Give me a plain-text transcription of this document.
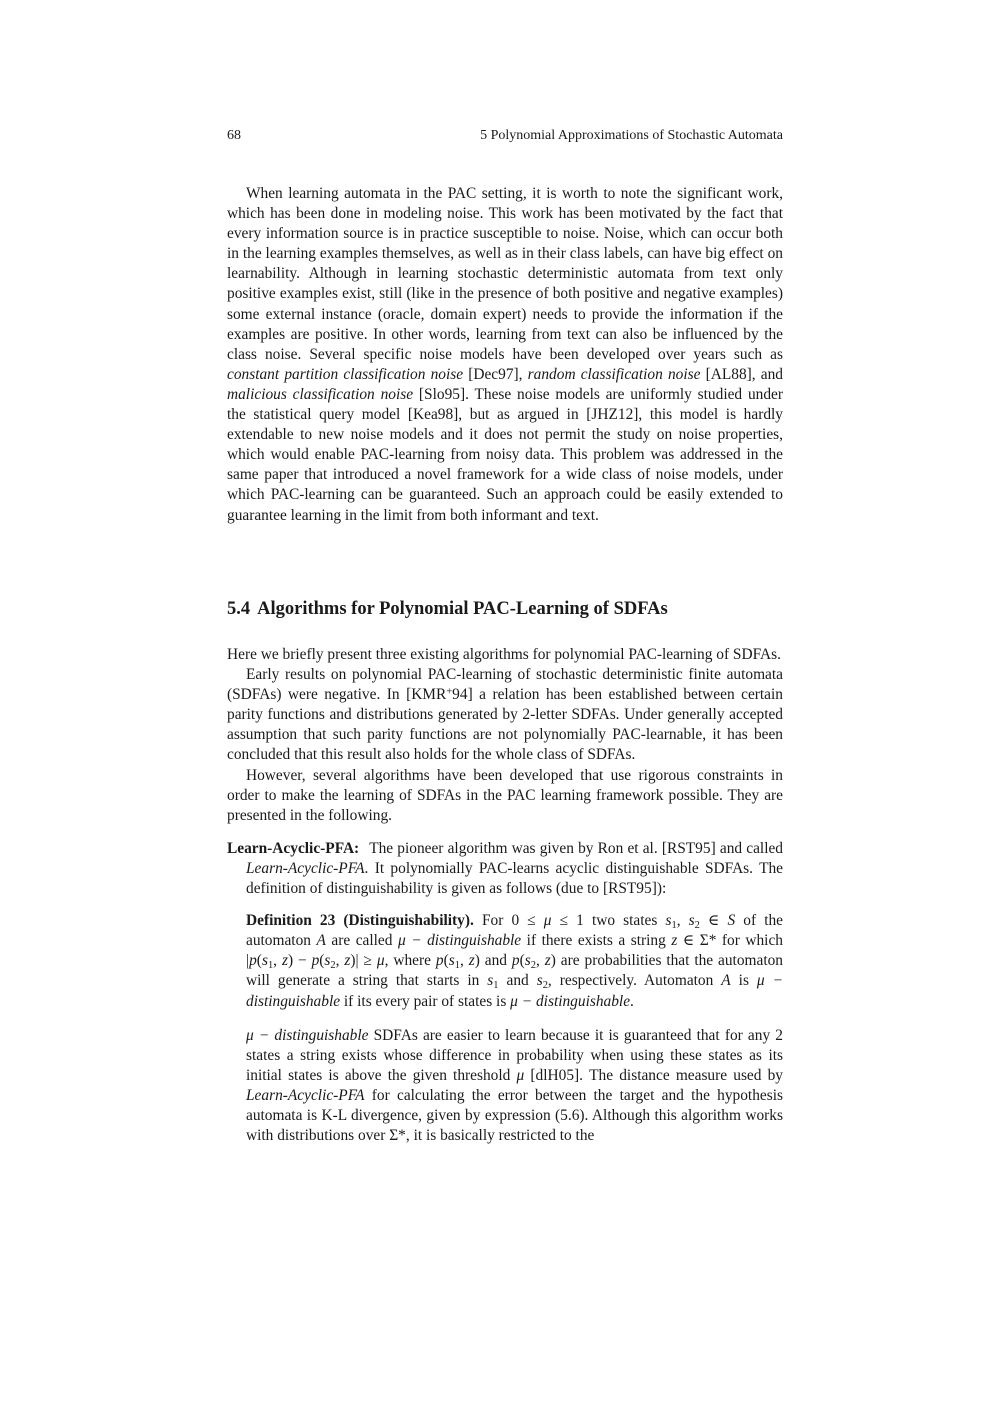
68	5 Polynomial Approximations of Stochastic Automata

When learning automata in the PAC setting, it is worth to note the significant work, which has been done in modeling noise. This work has been motivated by the fact that every information source is in practice susceptible to noise. Noise, which can occur both in the learning examples themselves, as well as in their class labels, can have big effect on learnability. Although in learning stochastic deterministic automata from text only positive examples exist, still (like in the presence of both positive and negative examples) some external instance (oracle, domain expert) needs to provide the information if the examples are positive. In other words, learning from text can also be influenced by the class noise. Several specific noise models have been developed over years such as constant partition classification noise [Dec97], random classification noise [AL88], and malicious classification noise [Slo95]. These noise models are uniformly studied under the statistical query model [Kea98], but as argued in [JHZ12], this model is hardly extendable to new noise models and it does not permit the study on noise properties, which would enable PAC-learning from noisy data. This problem was addressed in the same paper that introduced a novel framework for a wide class of noise models, under which PAC-learning can be guaranteed. Such an approach could be easily extended to guarantee learning in the limit from both informant and text.

5.4 Algorithms for Polynomial PAC-Learning of SDFAs

Here we briefly present three existing algorithms for polynomial PAC-learning of SDFAs.

Early results on polynomial PAC-learning of stochastic deterministic finite automata (SDFAs) were negative. In [KMR+94] a relation has been established between certain parity functions and distributions generated by 2-letter SDFAs. Under generally accepted assumption that such parity functions are not polynomially PAC-learnable, it has been concluded that this result also holds for the whole class of SDFAs.

However, several algorithms have been developed that use rigorous constraints in order to make the learning of SDFAs in the PAC learning framework possible. They are presented in the following.

Learn-Acyclic-PFA: The pioneer algorithm was given by Ron et al. [RST95] and called Learn-Acyclic-PFA. It polynomially PAC-learns acyclic distinguishable SDFAs. The definition of distinguishability is given as follows (due to [RST95]):

Definition 23 (Distinguishability). For 0 ≤ μ ≤ 1 two states $s_1$, $s_2$ ∈ S of the automaton A are called μ − distinguishable if there exists a string z ∈ Σ* for which $|p(s_1$, $z) - p(s_2$, z)| ≥ μ, where $p(s_1$, z) and $p(s_2$, z) are probabilities that the automaton will generate a string that starts in $s_1$ and $s_2$, respectively. Automaton A is μ − distinguishable if its every pair of states is μ − distinguishable.

μ − distinguishable SDFAs are easier to learn because it is guaranteed that for any 2 states a string exists whose difference in probability when using these states as its initial states is above the given threshold μ [dlH05]. The distance measure used by Learn-Acyclic-PFA for calculating the error between the target and the hypothesis automata is K-L divergence, given by expression (5.6). Although this algorithm works with distributions over Σ*, it is basically restricted to the
